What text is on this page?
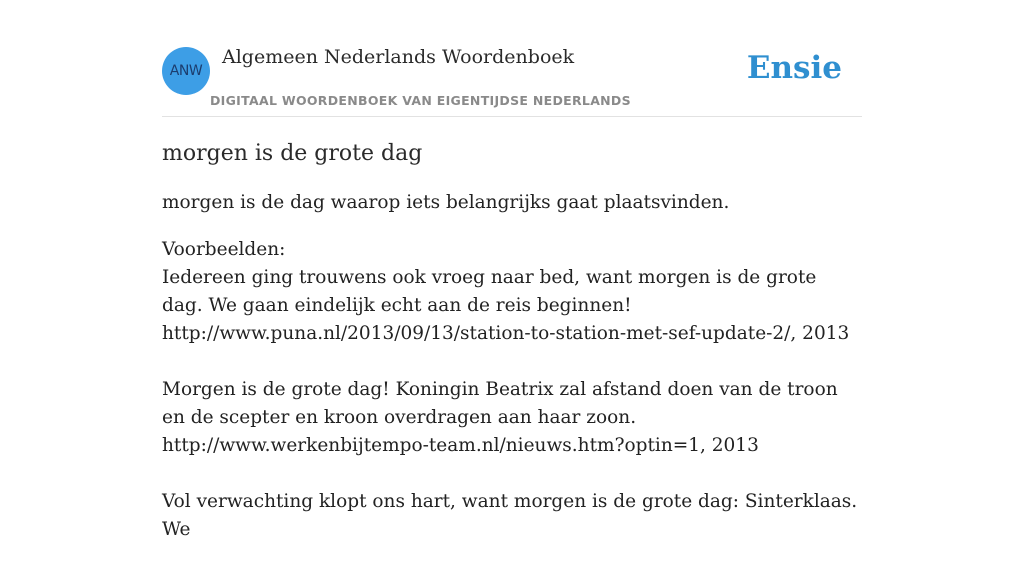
ANW
Algemeen Nederlands Woordenboek
DIGITAAL WOORDENBOEK VAN EIGENTIJDSE NEDERLANDS
Ensie
morgen is de grote dag

morgen is de dag waarop iets belangrijks gaat plaatsvinden.

Voorbeelden:
Iedereen ging trouwens ook vroeg naar bed, want morgen is de grote dag. We gaan eindelijk echt aan de reis beginnen!
http://www.puna.nl/2013/09/13/station-to-station-met-sef-update-2/, 2013
Morgen is de grote dag! Koningin Beatrix zal afstand doen van de troon en de scepter en kroon overdragen aan haar zoon.
http://www.werkenbijtempo-team.nl/nieuws.htm?optin=1, 2013
Vol verwachting klopt ons hart, want morgen is de grote dag: Sinterklaas. We
